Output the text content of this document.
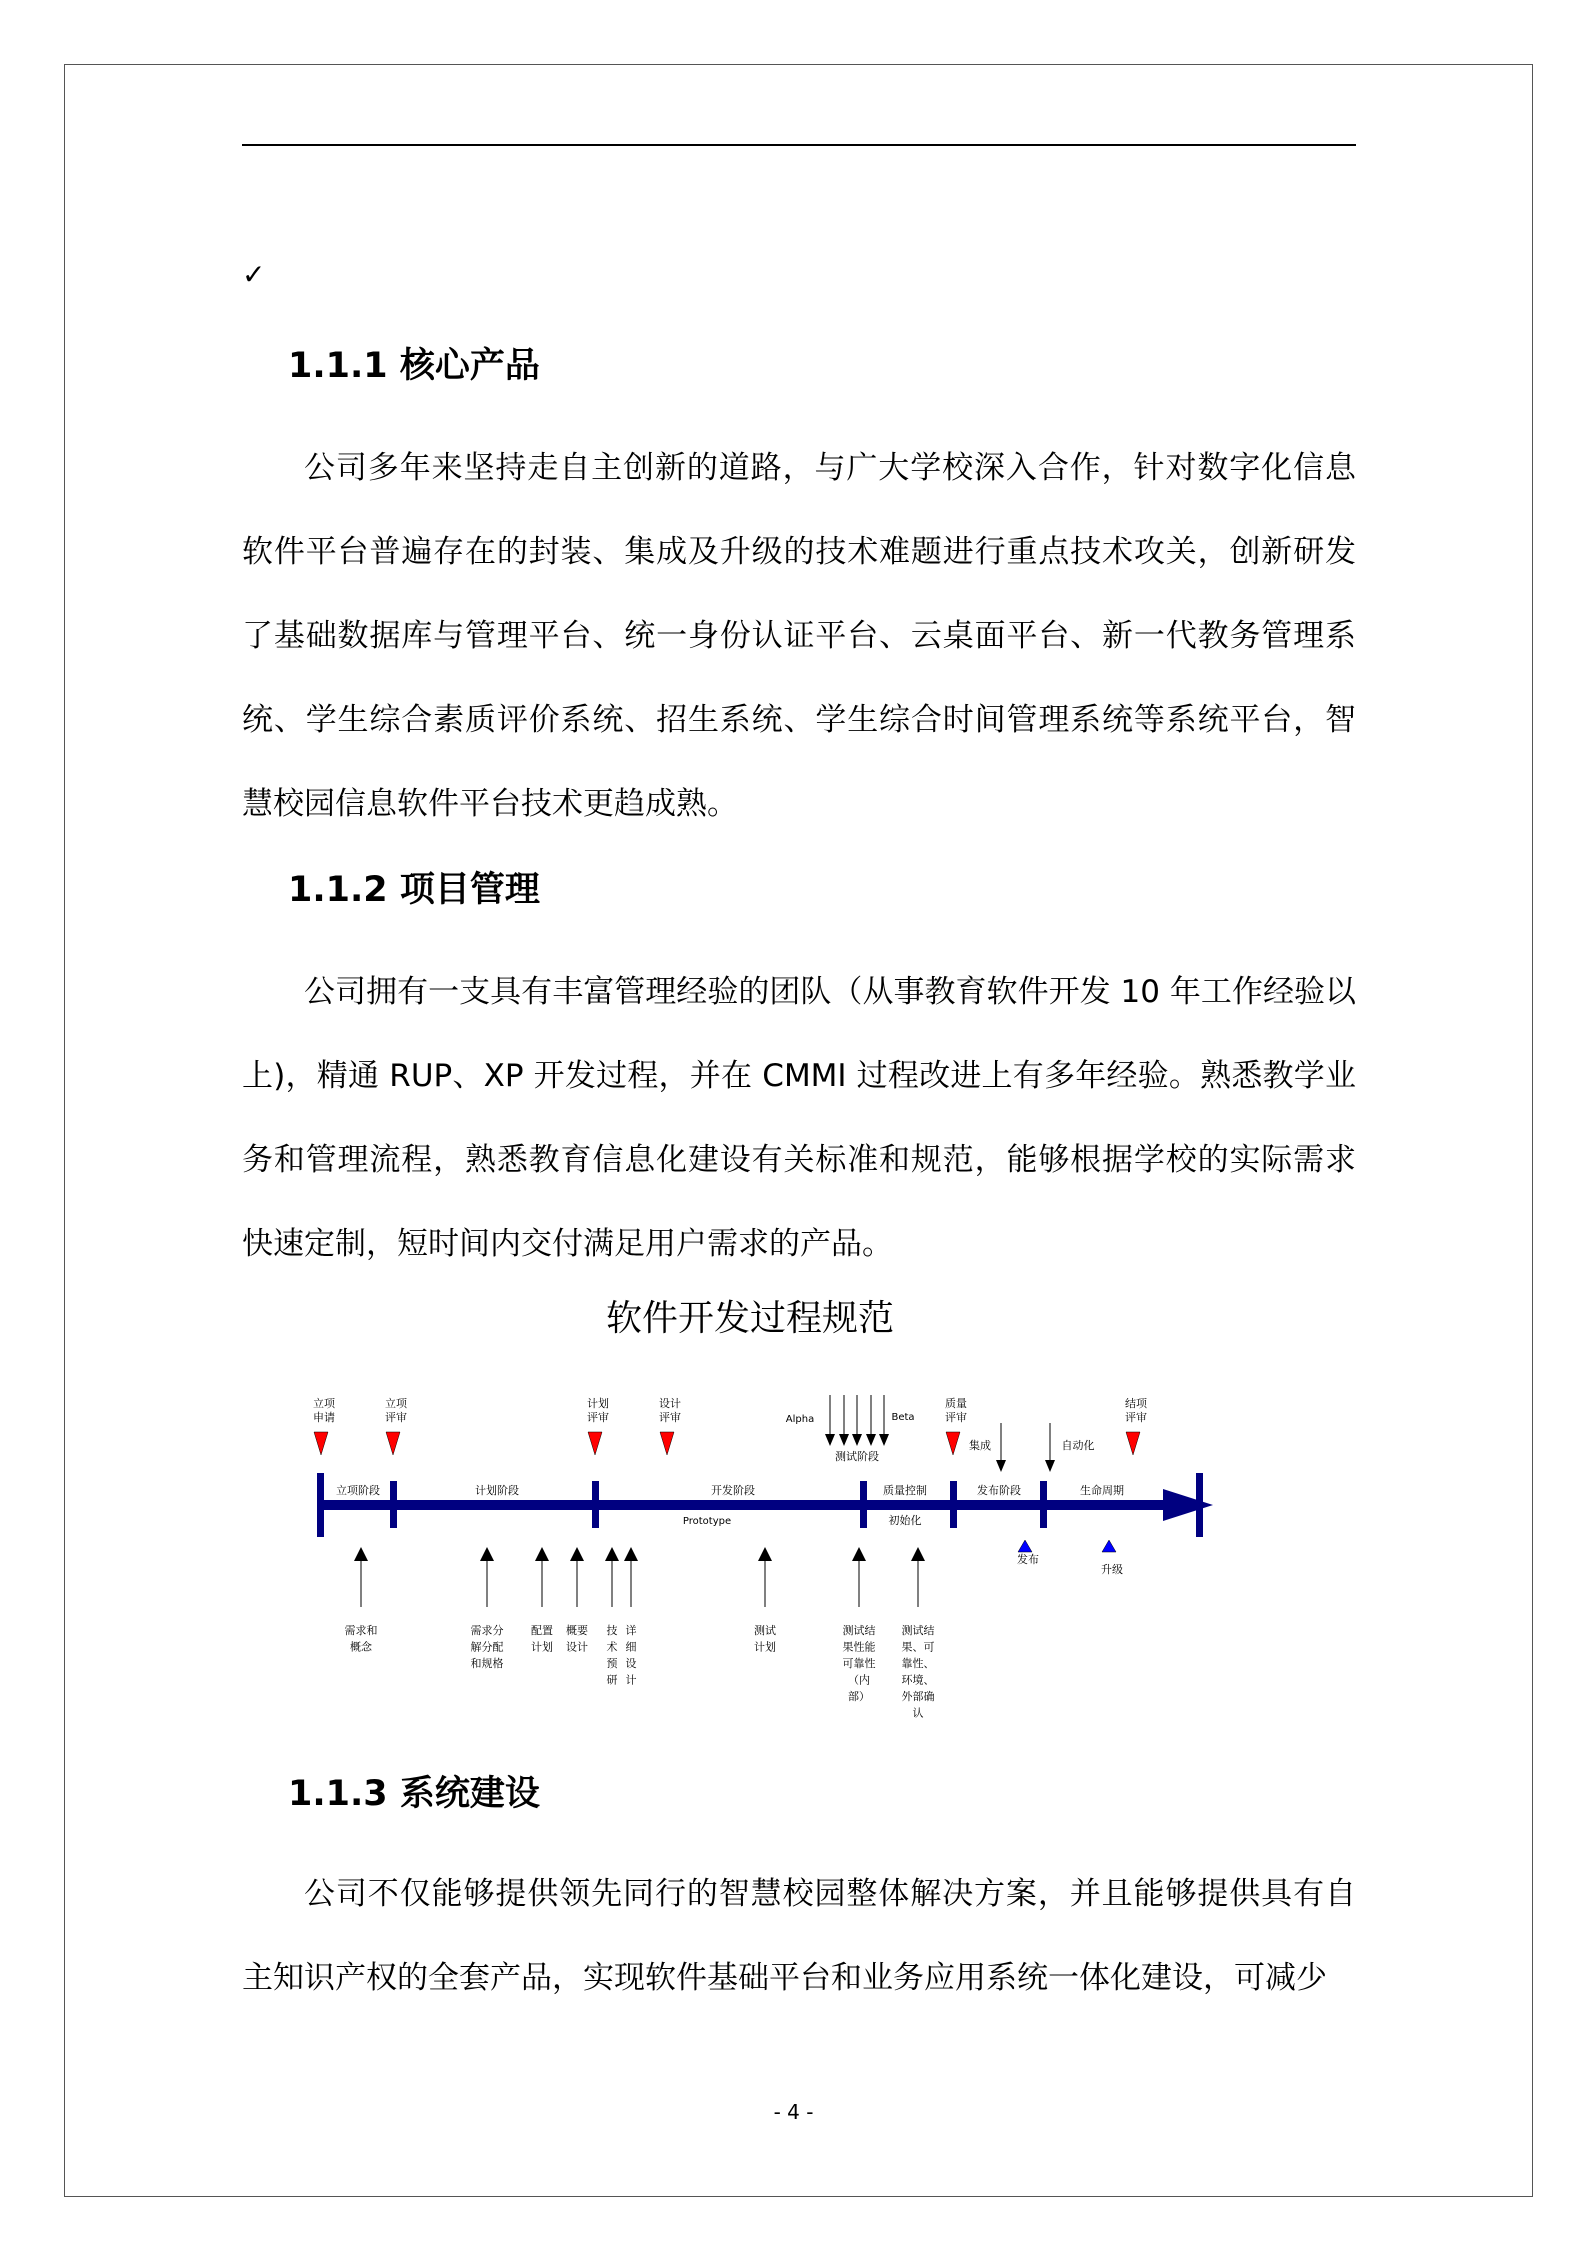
✓
1.1.1 核心产品

公司多年来坚持走自主创新的道路，与广大学校深入合作，针对数字化信息软件平台普遍存在的封装、集成及升级的技术难题进行重点技术攻关，创新研发了基础数据库与管理平台、统一身份认证平台、云桌面平台、新一代教务管理系统、学生综合素质评价系统、招生系统、学生综合时间管理系统等系统平台，智慧校园信息软件平台技术更趋成熟。

1.1.2 项目管理

公司拥有一支具有丰富管理经验的团队（从事教育软件开发 10 年工作经验以上)，精通 RUP、XP 开发过程，并在 CMMI 过程改进上有多年经验。熟悉教学业务和管理流程，熟悉教育信息化建设有关标准和规范，能够根据学校的实际需求快速定制，短时间内交付满足用户需求的产品。

软件开发过程规范
立项
申请
立项
评审
计划
评审
设计
评审
质量
评审
结项
评审
立项阶段	计划阶段	开发阶段	质量控制	发布阶段	生命周期
Prototype	初始化
Alpha	Beta
测试阶段
集成	自动化
发布
升级
需求和
概念
需求分
解分配
和规格
配置
计划
概要
设计
技
术
预
研
详
细
设
计
测试
计划
测试结
果性能
可靠性
（内
部）
测试结
果、可
靠性、
环境、
外部确
认
1.1.3 系统建设

公司不仅能够提供领先同行的智慧校园整体解决方案，并且能够提供具有自主知识产权的全套产品，实现软件基础平台和业务应用系统一体化建设，可减少

- 4 -
